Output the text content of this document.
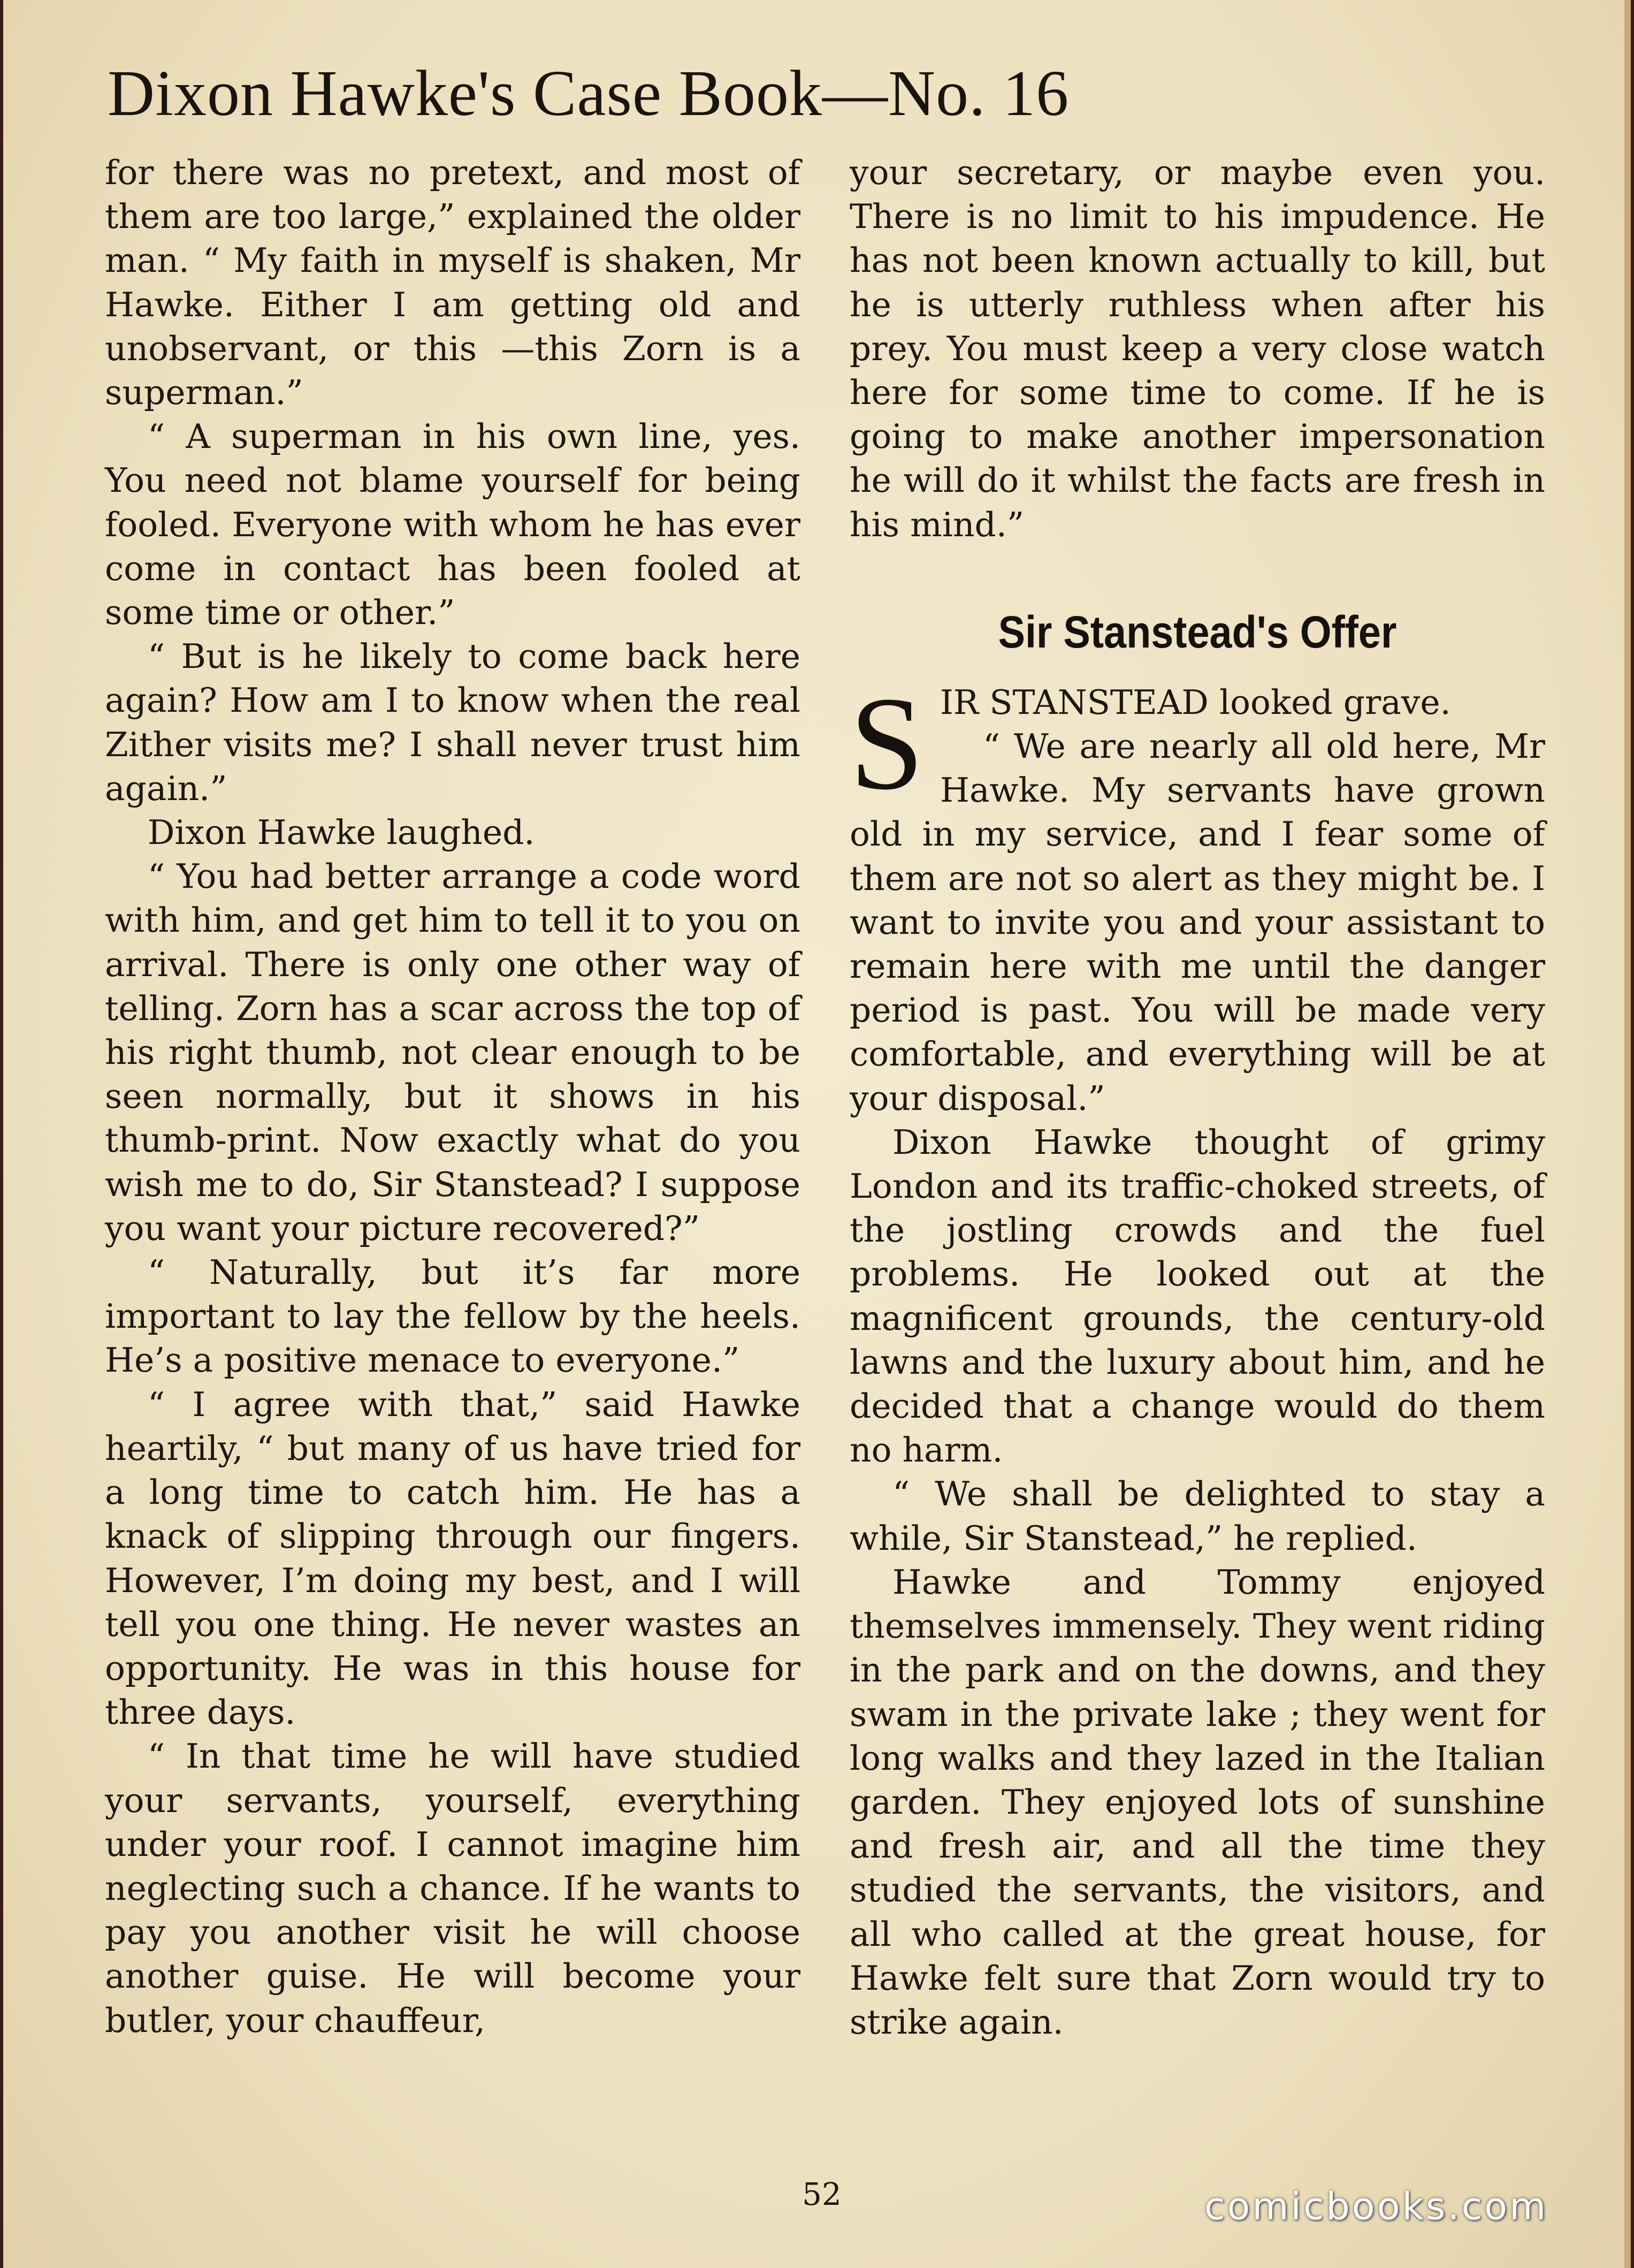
Dixon Hawke's Case Book—No. 16

for there was no pretext, and most of them are too large,” explained the older man. “ My faith in myself is shaken, Mr Hawke. Either I am getting old and unobservant, or this —this Zorn is a superman.”

“ A superman in his own line, yes. You need not blame yourself for being fooled. Everyone with whom he has ever come in contact has been fooled at some time or other.”

“ But is he likely to come back here again? How am I to know when the real Zither visits me? I shall never trust him again.”

Dixon Hawke laughed.

“ You had better arrange a code word with him, and get him to tell it to you on arrival. There is only one other way of telling. Zorn has a scar across the top of his right thumb, not clear enough to be seen normally, but it shows in his thumb-print. Now exactly what do you wish me to do, Sir Stanstead? I suppose you want your picture recovered?”

“ Naturally, but it’s far more important to lay the fellow by the heels. He’s a positive menace to everyone.”

“ I agree with that,” said Hawke heartily, “ but many of us have tried for a long time to catch him. He has a knack of slipping through our fingers. However, I’m doing my best, and I will tell you one thing. He never wastes an opportunity. He was in this house for three days.

“ In that time he will have studied your servants, yourself, everything under your roof. I cannot imagine him neglecting such a chance. If he wants to pay you another visit he will choose another guise. He will become your butler, your chauffeur,

your secretary, or maybe even you. There is no limit to his impudence. He has not been known actually to kill, but he is utterly ruthless when after his prey. You must keep a very close watch here for some time to come. If he is going to make another impersonation he will do it whilst the facts are fresh in his mind.”

Sir Stanstead's Offer

SIR STANSTEAD looked grave.
“ We are nearly all old here, Mr Hawke. My servants have grown old in my service, and I fear some of them are not so alert as they might be. I want to invite you and your assistant to remain here with me until the danger period is past. You will be made very comfortable, and everything will be at your disposal.”

Dixon Hawke thought of grimy London and its traffic-choked streets, of the jostling crowds and the fuel problems. He looked out at the magnificent grounds, the century-old lawns and the luxury about him, and he decided that a change would do them no harm.

“ We shall be delighted to stay a while, Sir Stanstead,” he replied.

Hawke and Tommy enjoyed themselves immensely. They went riding in the park and on the downs, and they swam in the private lake ; they went for long walks and they lazed in the Italian garden. They enjoyed lots of sunshine and fresh air, and all the time they studied the servants, the visitors, and all who called at the great house, for Hawke felt sure that Zorn would try to strike again.

52	comicbooks.com
